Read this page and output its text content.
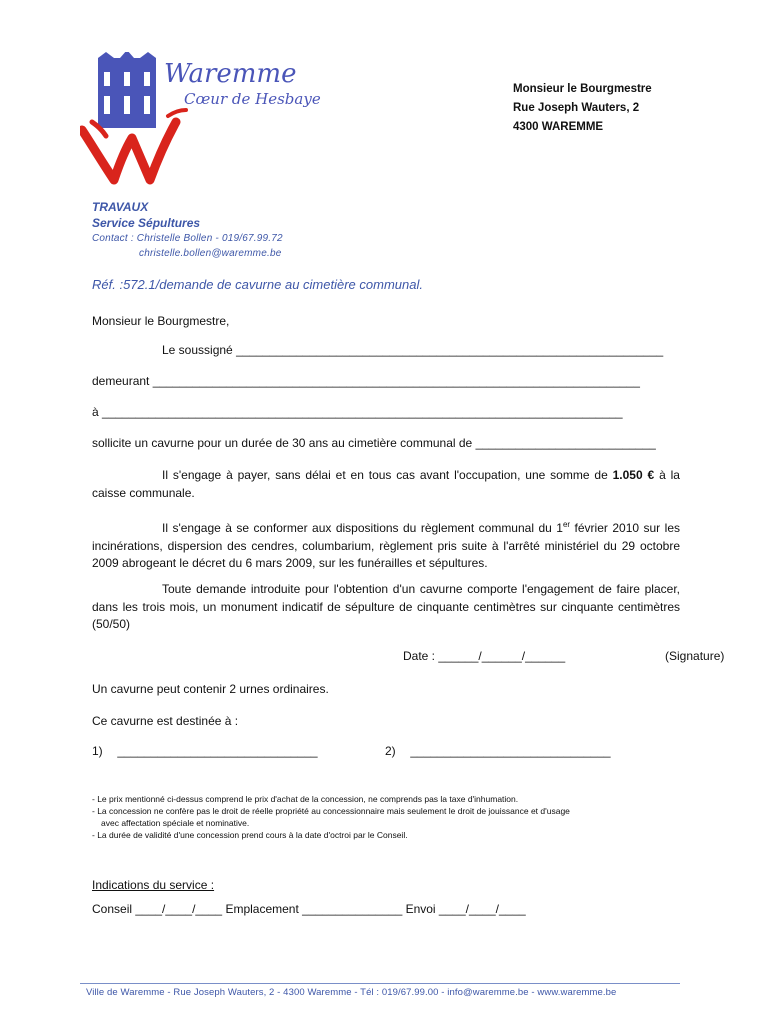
Waremme
Cœur de Hesbaye
Monsieur le Bourgmestre
Rue Joseph Wauters, 2
4300 WAREMME
TRAVAUX
Service Sépultures
Contact : Christelle Bollen - 019/67.99.72
christelle.bollen@waremme.be
Réf. :572.1/demande de cavurne au cimetière communal.
Monsieur le Bourgmestre,
Le soussigné ________________________________________________________________
demeurant _________________________________________________________________________
à ______________________________________________________________________________
sollicite un cavurne pour un durée de 30 ans au cimetière communal de ___________________________
Il s'engage à payer, sans délai et en tous cas avant l'occupation, une somme de 1.050 € à la caisse communale.
Il s'engage à se conformer aux dispositions du règlement communal du 1er février 2010 sur les incinérations, dispersion des cendres, columbarium, règlement pris suite à l'arrêté ministériel du 29 octobre 2009 abrogeant le décret du 6 mars 2009, sur les funérailles et sépultures.
Toute demande introduite pour l'obtention d'un cavurne comporte l'engagement de faire placer, dans les trois mois, un monument indicatif de sépulture de cinquante centimètres sur cinquante centimètres (50/50)
Date : ______/______/______	(Signature)
Un cavurne peut contenir 2 urnes ordinaires.
Ce cavurne est destinée à :
1) ______________________________	2) ______________________________
- Le prix mentionné ci-dessus comprend le prix d'achat de la concession, ne comprends pas la taxe d'inhumation.
- La concession ne confère pas le droit de réelle propriété au concessionnaire mais seulement le droit de jouissance et d'usage
avec affectation spéciale et nominative.
- La durée de validité d'une concession prend cours à la date d'octroi par le Conseil.
Indications du service :
Conseil ____/____/____ Emplacement _______________ Envoi ____/____/____
Ville de Waremme - Rue Joseph Wauters, 2 - 4300 Waremme - Tél : 019/67.99.00 - info@waremme.be - www.waremme.be
